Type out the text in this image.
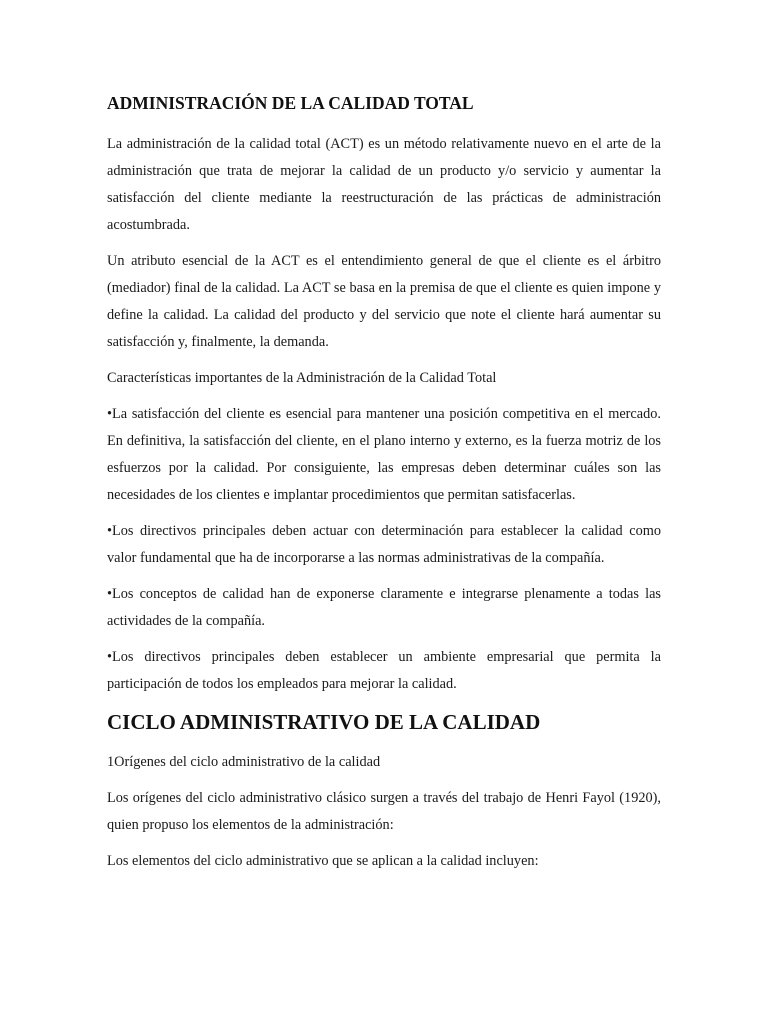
ADMINISTRACIÓN DE LA CALIDAD TOTAL

La administración de la calidad total (ACT) es un método relativamente nuevo en el arte de la administración que trata de mejorar la calidad de un producto y/o servicio y aumentar la satisfacción del cliente mediante la reestructuración de las prácticas de administración acostumbrada.

Un atributo esencial de la ACT es el entendimiento general de que el cliente es el árbitro (mediador) final de la calidad. La ACT se basa en la premisa de que el cliente es quien impone y define la calidad. La calidad del producto y del servicio que note el cliente hará aumentar su satisfacción y, finalmente, la demanda.

Características importantes de la Administración de la Calidad Total

•La satisfacción del cliente es esencial para mantener una posición competitiva en el mercado. En definitiva, la satisfacción del cliente, en el plano interno y externo, es la fuerza motriz de los esfuerzos por la calidad. Por consiguiente, las empresas deben determinar cuáles son las necesidades de los clientes e implantar procedimientos que permitan satisfacerlas.

•Los directivos principales deben actuar con determinación para establecer la calidad como valor fundamental que ha de incorporarse a las normas administrativas de la compañía.

•Los conceptos de calidad han de exponerse claramente e integrarse plenamente a todas las actividades de la compañía.

•Los directivos principales deben establecer un ambiente empresarial que permita la participación de todos los empleados para mejorar la calidad.

CICLO ADMINISTRATIVO DE LA CALIDAD

1Orígenes del ciclo administrativo de la calidad

Los orígenes del ciclo administrativo clásico surgen a través del trabajo de Henri Fayol (1920), quien propuso los elementos de la administración:

Los elementos del ciclo administrativo que se aplican a la calidad incluyen:
